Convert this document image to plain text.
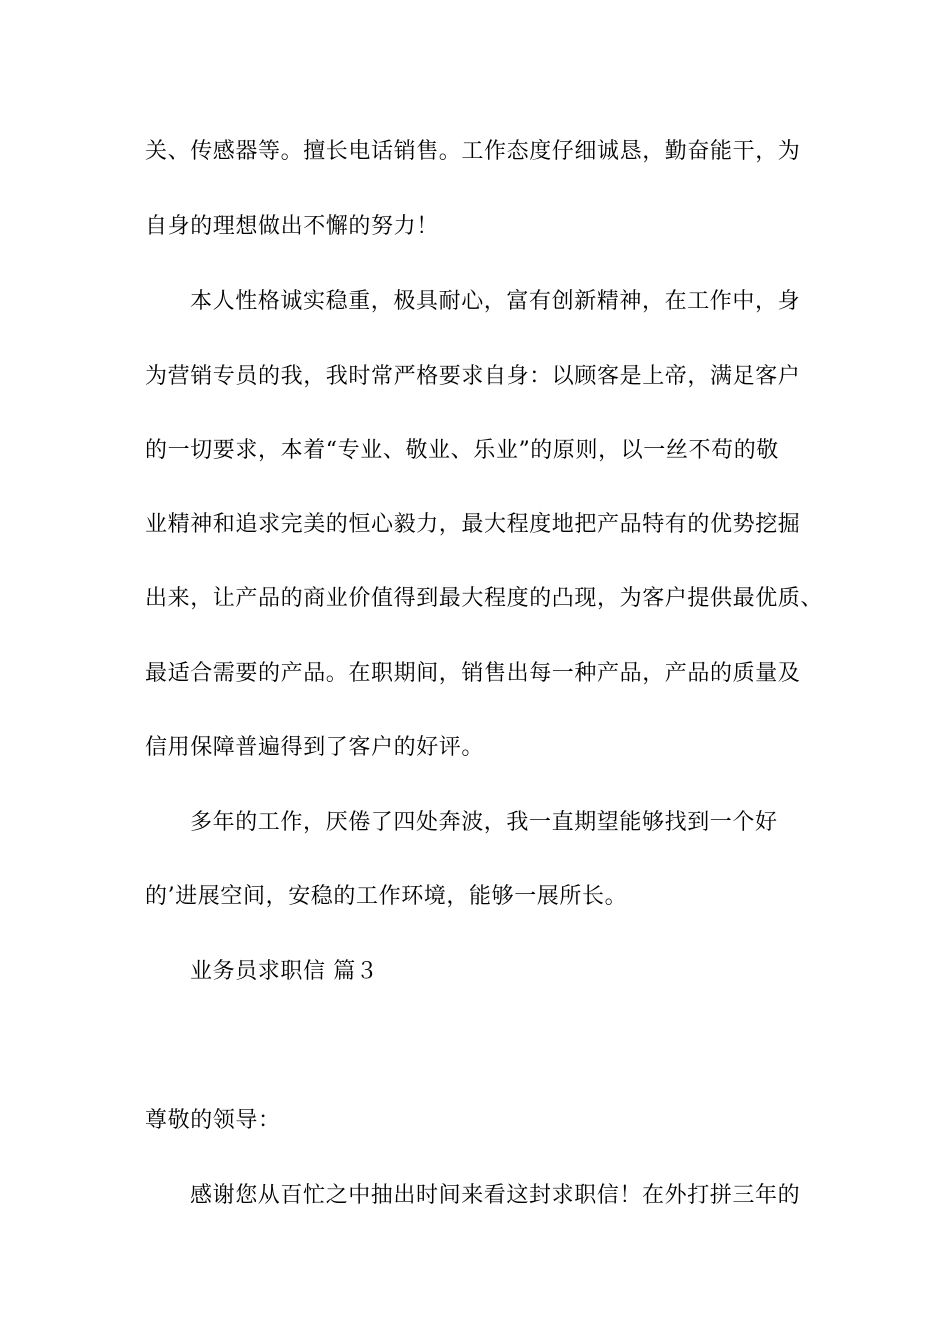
关、传感器等。擅长电话销售。工作态度仔细诚恳，勤奋能干，为

自身的理想做出不懈的努力！

本人性格诚实稳重，极具耐心，富有创新精神，在工作中，身

为营销专员的我，我时常严格要求自身：以顾客是上帝，满足客户

的一切要求，本着“专业、敬业、乐业”的原则，以一丝不苟的敬

业精神和追求完美的恒心毅力，最大程度地把产品特有的优势挖掘

出来，让产品的商业价值得到最大程度的凸现，为客户提供最优质、

最适合需要的产品。在职期间，销售出每一种产品，产品的质量及

信用保障普遍得到了客户的好评。

多年的工作，厌倦了四处奔波，我一直期望能够找到一个好

的’进展空间，安稳的工作环境，能够一展所长。

业务员求职信 篇３

尊敬的领导：

感谢您从百忙之中抽出时间来看这封求职信！在外打拼三年的
